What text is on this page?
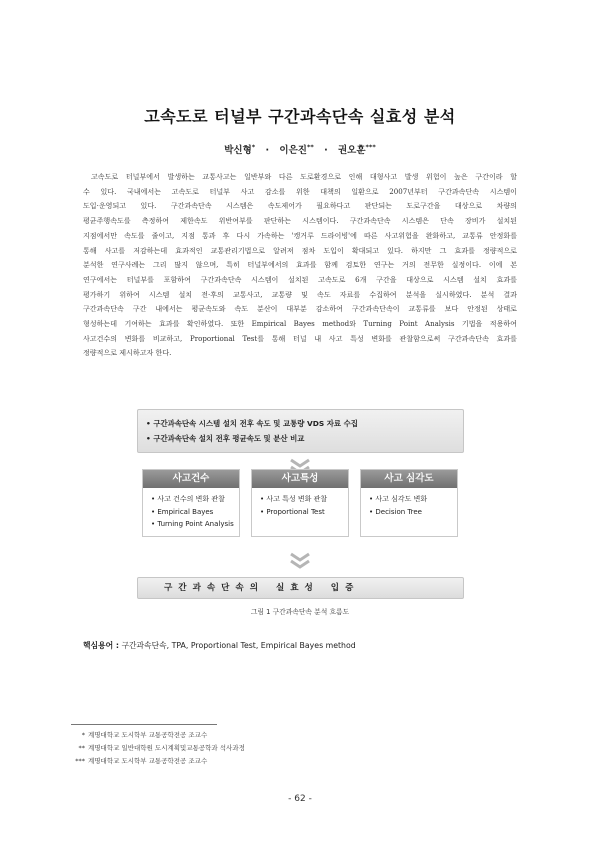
고속도로 터널부 구간과속단속 실효성 분석
박신형* · 이은진** · 권오훈***
고속도로 터널부에서 발생하는 교통사고는 일반부와 다른 도로환경으로 인해 대형사고 발생 위험이 높은 구간이라 할
수 있다. 국내에서는 고속도로 터널부 사고 감소를 위한 대책의 일환으로 2007년부터 구간과속단속 시스템이
도입·운영되고 있다. 구간과속단속 시스템은 속도제어가 필요하다고 판단되는 도로구간을 대상으로 차량의
평균주행속도를 측정하여 제한속도 위반여부를 판단하는 시스템이다. 구간과속단속 시스템은 단속 장비가 설치된
지점에서만 속도를 줄이고, 지점 통과 후 다시 가속하는 '캥거루 드라이빙'에 따른 사고위험을 완화하고, 교통류 안정화를
통해 사고를 저감하는데 효과적인 교통관리기법으로 알려져 점차 도입이 확대되고 있다. 하지만 그 효과를 정량적으로
분석한 연구사례는 그리 많지 않으며, 특히 터널부에서의 효과를 함께 검토한 연구는 거의 전무한 실정이다. 이에 본
연구에서는 터널부를 포함하여 구간과속단속 시스템이 설치된 고속도로 6개 구간을 대상으로 시스템 설치 효과를
평가하기 위하여 시스템 설치 전·후의 교통사고, 교통량 및 속도 자료를 수집하여 분석을 실시하였다. 분석 결과
구간과속단속 구간 내에서는 평균속도와 속도 분산이 대부분 감소하여 구간과속단속이 교통류를 보다 안정된 상태로
형성하는데 기여하는 효과를 확인하였다. 또한 Empirical Bayes method와 Turning Point Analysis 기법을 적용하여
사고건수의 변화를 비교하고, Proportional Test를 통해 터널 내 사고 특성 변화를 관찰함으로써 구간과속단속 효과를
정량적으로 제시하고자 한다.
• 구간과속단속 시스템 설치 전후 속도 및 교통량 VDS 자료 수집
• 구간과속단속 설치 전후 평균속도 및 분산 비교
사고건수
• 사고 건수의 변화 관찰
• Empirical Bayes
• Turning Point Analysis
사고특성
• 사고 특성 변화 관찰
• Proportional Test
사고 심각도
• 사고 심각도 변화
• Decision Tree
구  간  과  속  단  속  의      실  효  성      입  증
그림 1 구간과속단속 분석 흐름도
핵심용어 : 구간과속단속, TPA, Proportional Test, Empirical Bayes method
* 계명대학교 도시학부 교통공학전공 조교수
** 계명대학교 일반대학원 도시계획및교통공학과 석사과정
*** 계명대학교 도시학부 교통공학전공 조교수
- 62 -
